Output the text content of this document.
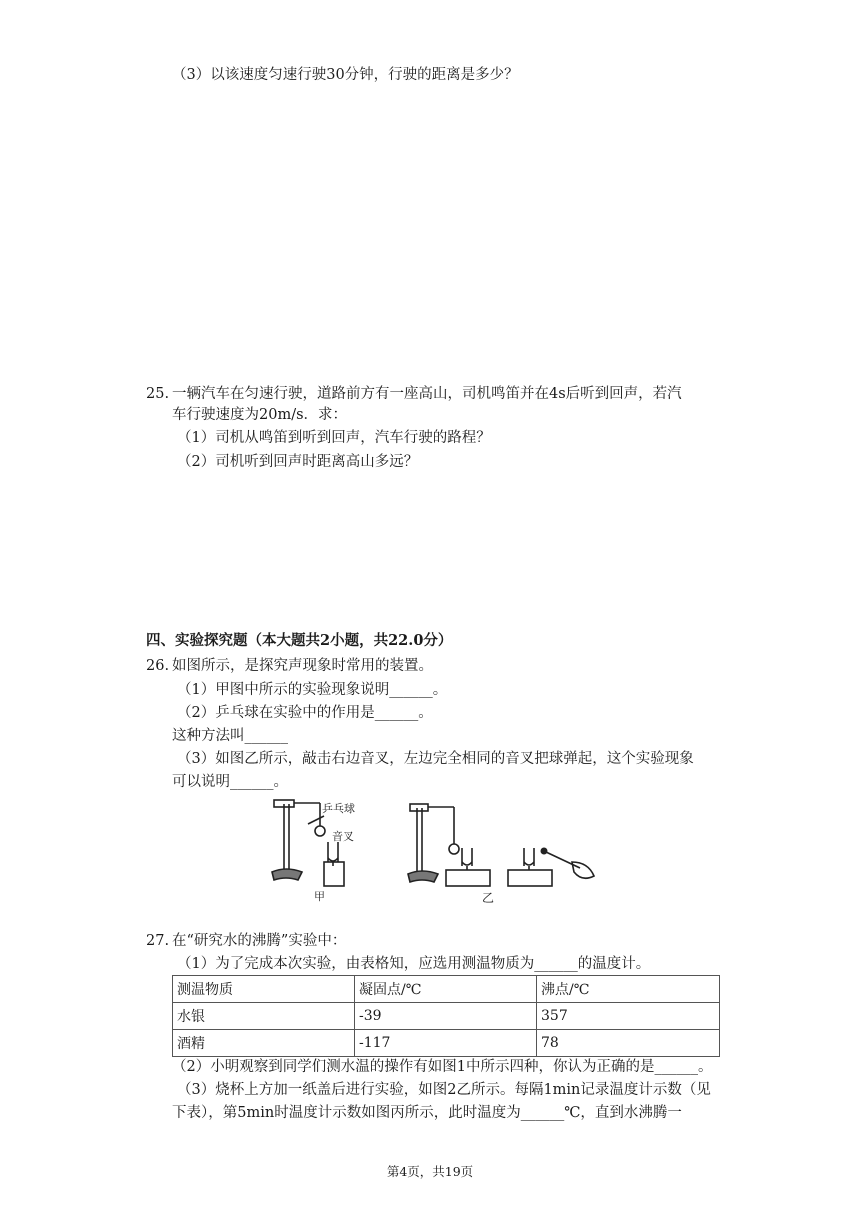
（3）以该速度匀速行驶30分钟，行驶的距离是多少？
25. 一辆汽车在匀速行驶，道路前方有一座高山，司机鸣笛并在4s后听到回声，若汽
车行驶速度为20m/s．求：
（1）司机从鸣笛到听到回声，汽车行驶的路程？
（2）司机听到回声时距离高山多远？
四、实验探究题（本大题共2小题，共22.0分）
26. 如图所示，是探究声现象时常用的装置。
（1）甲图中所示的实验现象说明______。
（2）乒乓球在实验中的作用是______。
这种方法叫______
（3）如图乙所示，敲击右边音叉，左边完全相同的音叉把球弹起，这个实验现象
可以说明______。
乒乓球
音叉
甲	乙
27. 在“研究水的沸腾”实验中：
（1）为了完成本次实验，由表格知，应选用测温物质为______的温度计。
测温物质	凝固点/℃	沸点/℃
水银	-39	357
酒精	-117	78
（2）小明观察到同学们测水温的操作有如图1中所示四种，你认为正确的是______。
（3）烧杯上方加一纸盖后进行实验，如图2乙所示。每隔1min记录温度计示数（见
下表），第5min时温度计示数如图丙所示，此时温度为______℃，直到水沸腾一
第4页，共19页
